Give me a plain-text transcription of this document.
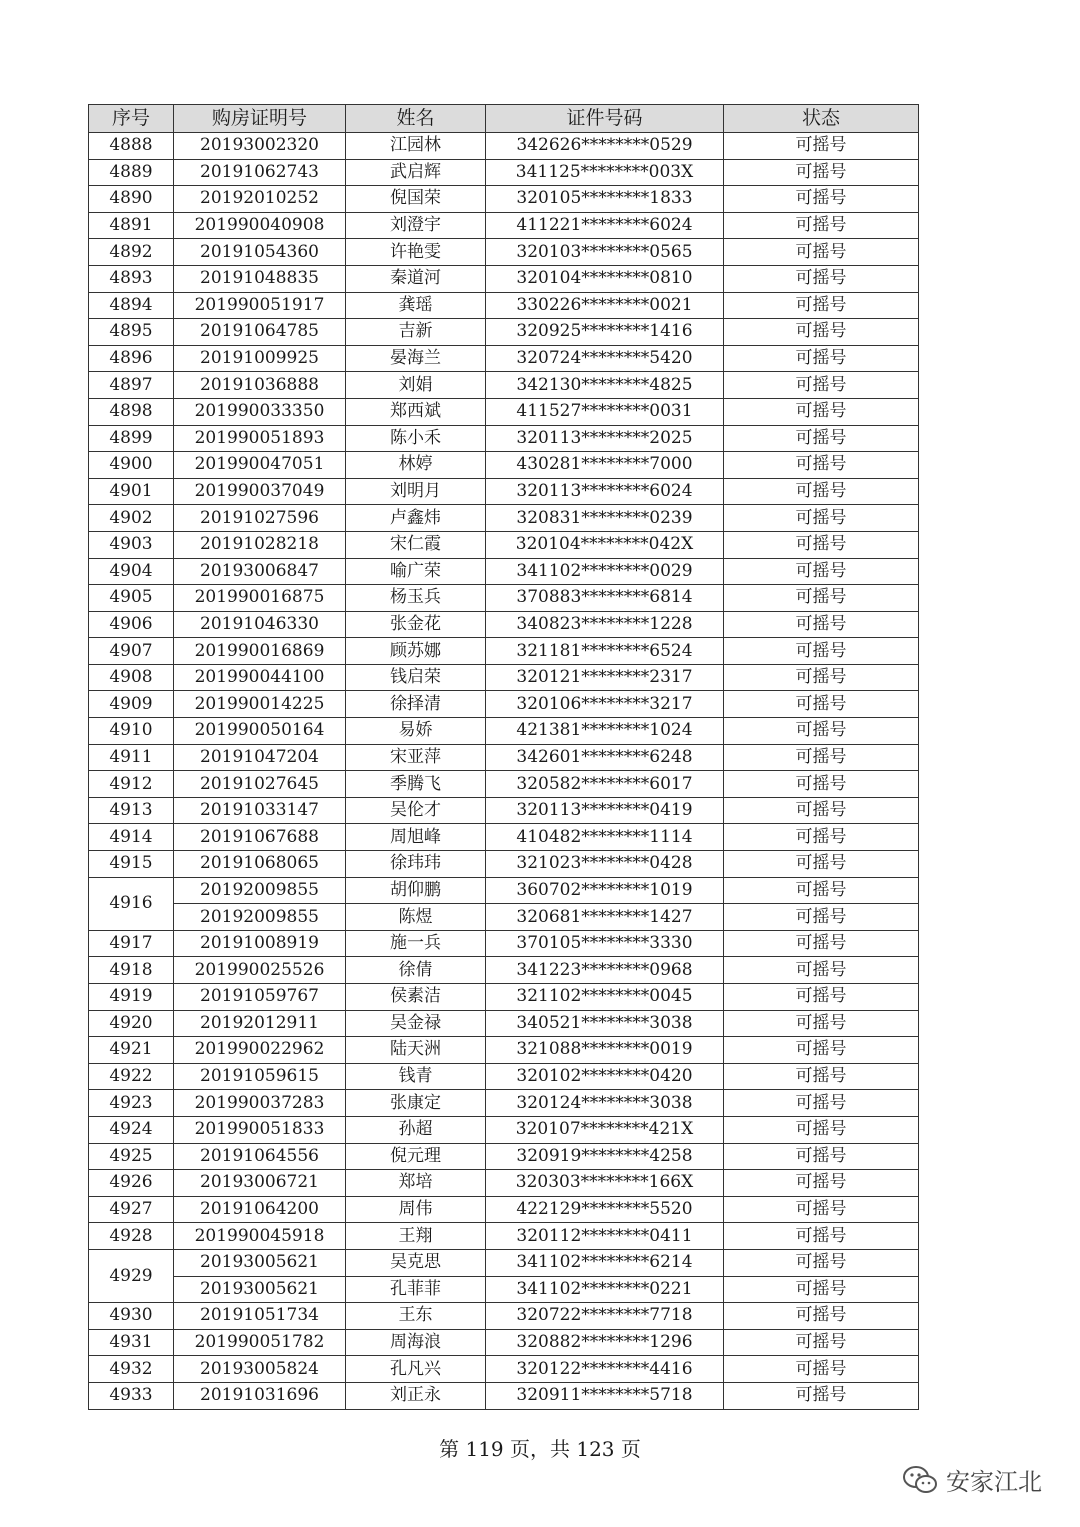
序号	购房证明号	姓名	证件号码	状态
4888	20193002320	江园林	342626********0529	可摇号
4889	20191062743	武启辉	341125********003X	可摇号
4890	20192010252	倪国荣	320105********1833	可摇号
4891	201990040908	刘澄宇	411221********6024	可摇号
4892	20191054360	许艳雯	320103********0565	可摇号
4893	20191048835	秦道河	320104********0810	可摇号
4894	201990051917	龚瑶	330226********0021	可摇号
4895	20191064785	吉新	320925********1416	可摇号
4896	20191009925	晏海兰	320724********5420	可摇号
4897	20191036888	刘娟	342130********4825	可摇号
4898	201990033350	郑西斌	411527********0031	可摇号
4899	201990051893	陈小禾	320113********2025	可摇号
4900	201990047051	林婷	430281********7000	可摇号
4901	201990037049	刘明月	320113********6024	可摇号
4902	20191027596	卢鑫炜	320831********0239	可摇号
4903	20191028218	宋仁霞	320104********042X	可摇号
4904	20193006847	喻广荣	341102********0029	可摇号
4905	201990016875	杨玉兵	370883********6814	可摇号
4906	20191046330	张金花	340823********1228	可摇号
4907	201990016869	顾苏娜	321181********6524	可摇号
4908	201990044100	钱启荣	320121********2317	可摇号
4909	201990014225	徐择清	320106********3217	可摇号
4910	201990050164	易娇	421381********1024	可摇号
4911	20191047204	宋亚萍	342601********6248	可摇号
4912	20191027645	季腾飞	320582********6017	可摇号
4913	20191033147	吴伦才	320113********0419	可摇号
4914	20191067688	周旭峰	410482********1114	可摇号
4915	20191068065	徐玮玮	321023********0428	可摇号
4916	20192009855	胡仰鹏	360702********1019	可摇号
	20192009855	陈煜	320681********1427	可摇号
4917	20191008919	施一兵	370105********3330	可摇号
4918	201990025526	徐倩	341223********0968	可摇号
4919	20191059767	侯素洁	321102********0045	可摇号
4920	20192012911	吴金禄	340521********3038	可摇号
4921	201990022962	陆天洲	321088********0019	可摇号
4922	20191059615	钱青	320102********0420	可摇号
4923	201990037283	张康定	320124********3038	可摇号
4924	201990051833	孙超	320107********421X	可摇号
4925	20191064556	倪元理	320919********4258	可摇号
4926	20193006721	郑培	320303********166X	可摇号
4927	20191064200	周伟	422129********5520	可摇号
4928	201990045918	王翔	320112********0411	可摇号
4929	20193005621	吴克思	341102********6214	可摇号
	20193005621	孔菲菲	341102********0221	可摇号
4930	20191051734	王东	320722********7718	可摇号
4931	201990051782	周海浪	320882********1296	可摇号
4932	20193005824	孔凡兴	320122********4416	可摇号
4933	20191031696	刘正永	320911********5718	可摇号
第 119 页，共 123 页
安家江北
